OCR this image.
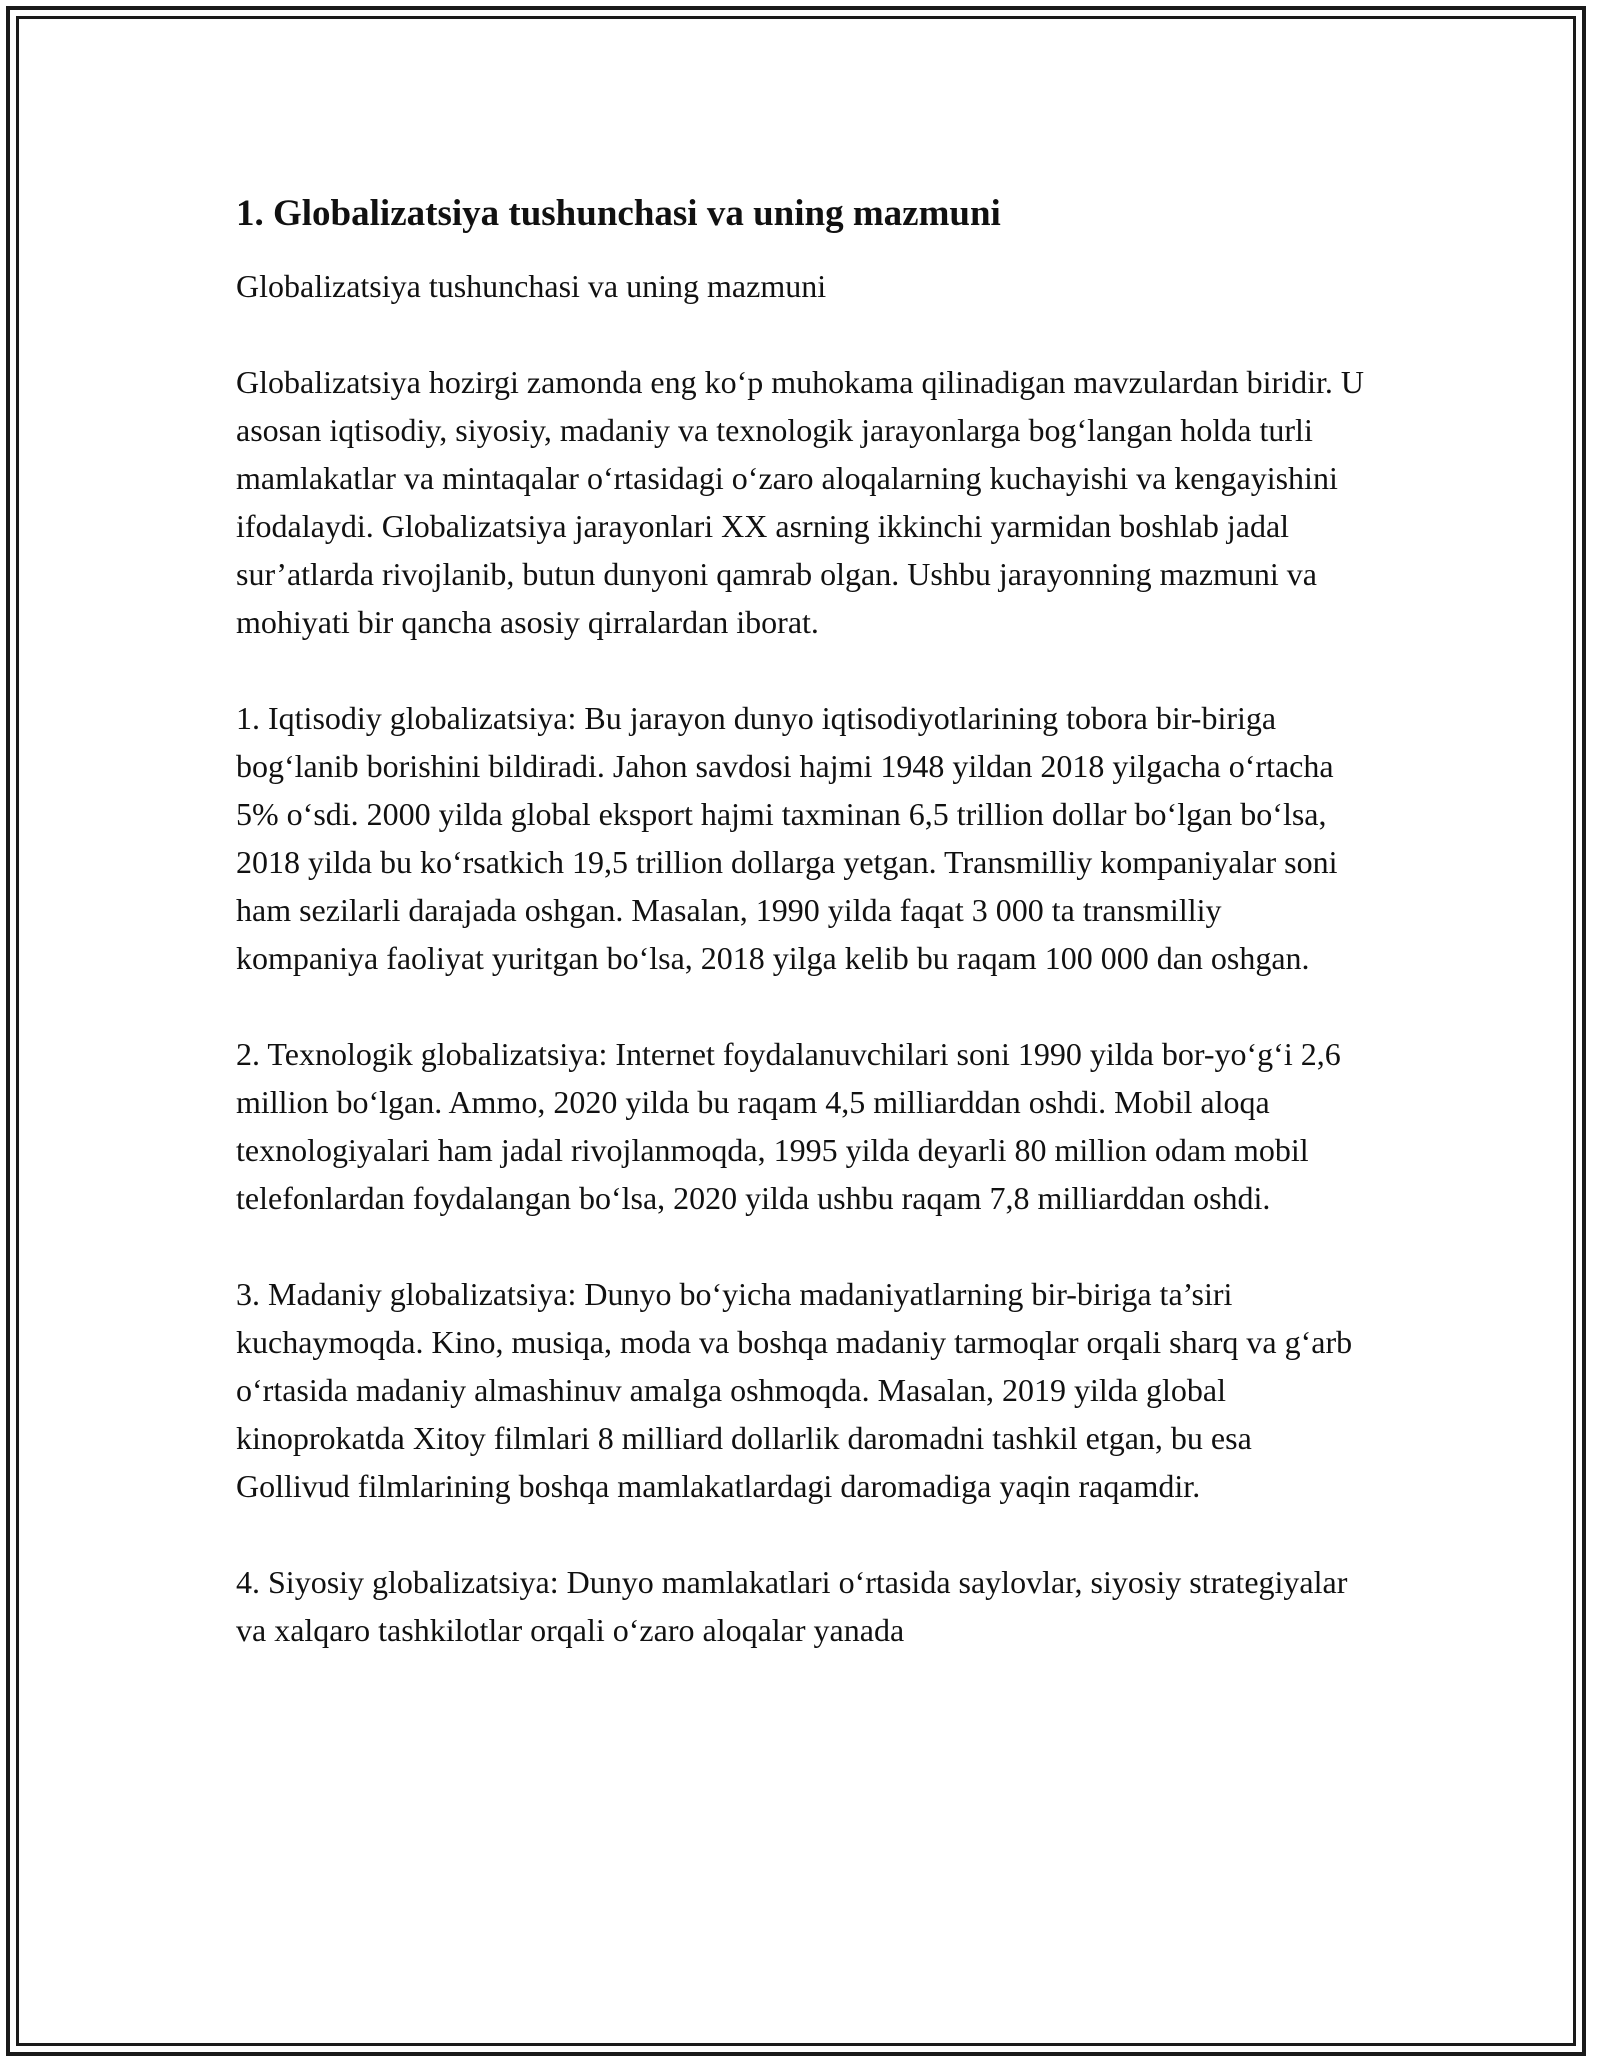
1. Globalizatsiya tushunchasi va uning mazmuni
Globalizatsiya tushunchasi va uning mazmuni

Globalizatsiya hozirgi zamonda eng ko‘p muhokama qilinadigan mavzulardan biridir. U asosan iqtisodiy, siyosiy, madaniy va texnologik jarayonlarga bog‘langan holda turli mamlakatlar va mintaqalar o‘rtasidagi o‘zaro aloqalarning kuchayishi va kengayishini ifodalaydi. Globalizatsiya jarayonlari XX asrning ikkinchi yarmidan boshlab jadal sur’atlarda rivojlanib, butun dunyoni qamrab olgan. Ushbu jarayonning mazmuni va mohiyati bir qancha asosiy qirralardan iborat.

1. Iqtisodiy globalizatsiya: Bu jarayon dunyo iqtisodiyotlarining tobora bir-biriga bog‘lanib borishini bildiradi. Jahon savdosi hajmi 1948 yildan 2018 yilgacha o‘rtacha 5% o‘sdi. 2000 yilda global eksport hajmi taxminan 6,5 trillion dollar bo‘lgan bo‘lsa, 2018 yilda bu ko‘rsatkich 19,5 trillion dollarga yetgan. Transmilliy kompaniyalar soni ham sezilarli darajada oshgan. Masalan, 1990 yilda faqat 3 000 ta transmilliy kompaniya faoliyat yuritgan bo‘lsa, 2018 yilga kelib bu raqam 100 000 dan oshgan.

2. Texnologik globalizatsiya: Internet foydalanuvchilari soni 1990 yilda bor-yo‘g‘i 2,6 million bo‘lgan. Ammo, 2020 yilda bu raqam 4,5 milliarddan oshdi. Mobil aloqa texnologiyalari ham jadal rivojlanmoqda, 1995 yilda deyarli 80 million odam mobil telefonlardan foydalangan bo‘lsa, 2020 yilda ushbu raqam 7,8 milliarddan oshdi.

3. Madaniy globalizatsiya: Dunyo bo‘yicha madaniyatlarning bir-biriga ta’siri kuchaymoqda. Kino, musiqa, moda va boshqa madaniy tarmoqlar orqali sharq va g‘arb o‘rtasida madaniy almashinuv amalga oshmoqda. Masalan, 2019 yilda global kinoprokatda Xitoy filmlari 8 milliard dollarlik daromadni tashkil etgan, bu esa Gollivud filmlarining boshqa mamlakatlardagi daromadiga yaqin raqamdir.

4. Siyosiy globalizatsiya: Dunyo mamlakatlari o‘rtasida saylovlar, siyosiy strategiyalar va xalqaro tashkilotlar orqali o‘zaro aloqalar yanada
